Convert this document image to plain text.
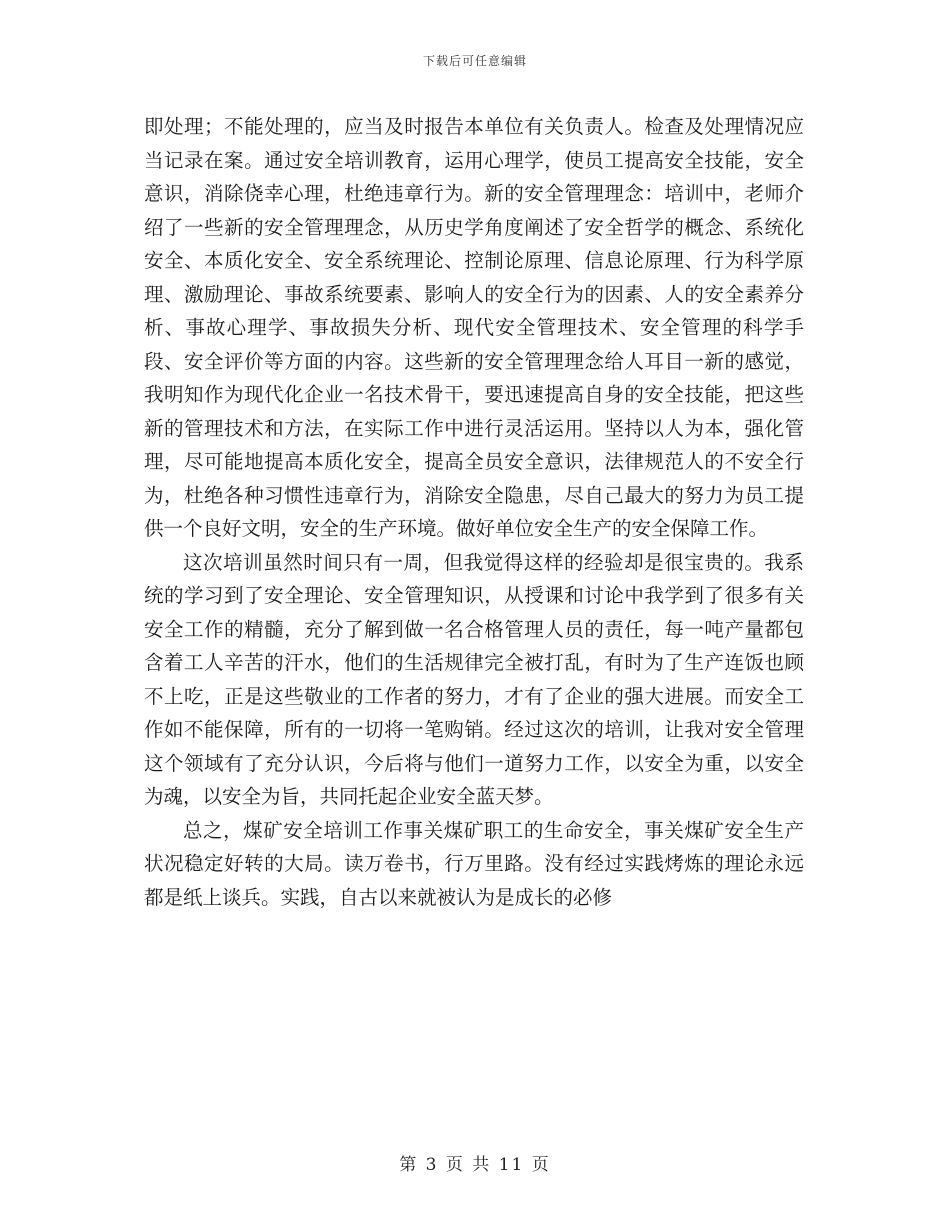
下载后可任意编辑

即处理；不能处理的，应当及时报告本单位有关负责人。检查及处理情况应当记录在案。通过安全培训教育，运用心理学，使员工提高安全技能，安全意识，消除侥幸心理，杜绝违章行为。新的安全管理理念：培训中，老师介绍了一些新的安全管理理念，从历史学角度阐述了安全哲学的概念、系统化安全、本质化安全、安全系统理论、控制论原理、信息论原理、行为科学原理、激励理论、事故系统要素、影响人的安全行为的因素、人的安全素养分析、事故心理学、事故损失分析、现代安全管理技术、安全管理的科学手段、安全评价等方面的内容。这些新的安全管理理念给人耳目一新的感觉，我明知作为现代化企业一名技术骨干，要迅速提高自身的安全技能，把这些新的管理技术和方法，在实际工作中进行灵活运用。坚持以人为本，强化管理，尽可能地提高本质化安全，提高全员安全意识，法律规范人的不安全行为，杜绝各种习惯性违章行为，消除安全隐患，尽自己最大的努力为员工提供一个良好文明，安全的生产环境。做好单位安全生产的安全保障工作。

这次培训虽然时间只有一周，但我觉得这样的经验却是很宝贵的。我系统的学习到了安全理论、安全管理知识，从授课和讨论中我学到了很多有关安全工作的精髓，充分了解到做一名合格管理人员的责任，每一吨产量都包含着工人辛苦的汗水，他们的生活规律完全被打乱，有时为了生产连饭也顾不上吃，正是这些敬业的工作者的努力，才有了企业的强大进展。而安全工作如不能保障，所有的一切将一笔购销。经过这次的培训，让我对安全管理这个领域有了充分认识，今后将与他们一道努力工作，以安全为重，以安全为魂，以安全为旨，共同托起企业安全蓝天梦。

总之，煤矿安全培训工作事关煤矿职工的生命安全，事关煤矿安全生产状况稳定好转的大局。读万卷书，行万里路。没有经过实践烤炼的理论永远都是纸上谈兵。实践，自古以来就被认为是成长的必修

第 3 页 共 11 页
